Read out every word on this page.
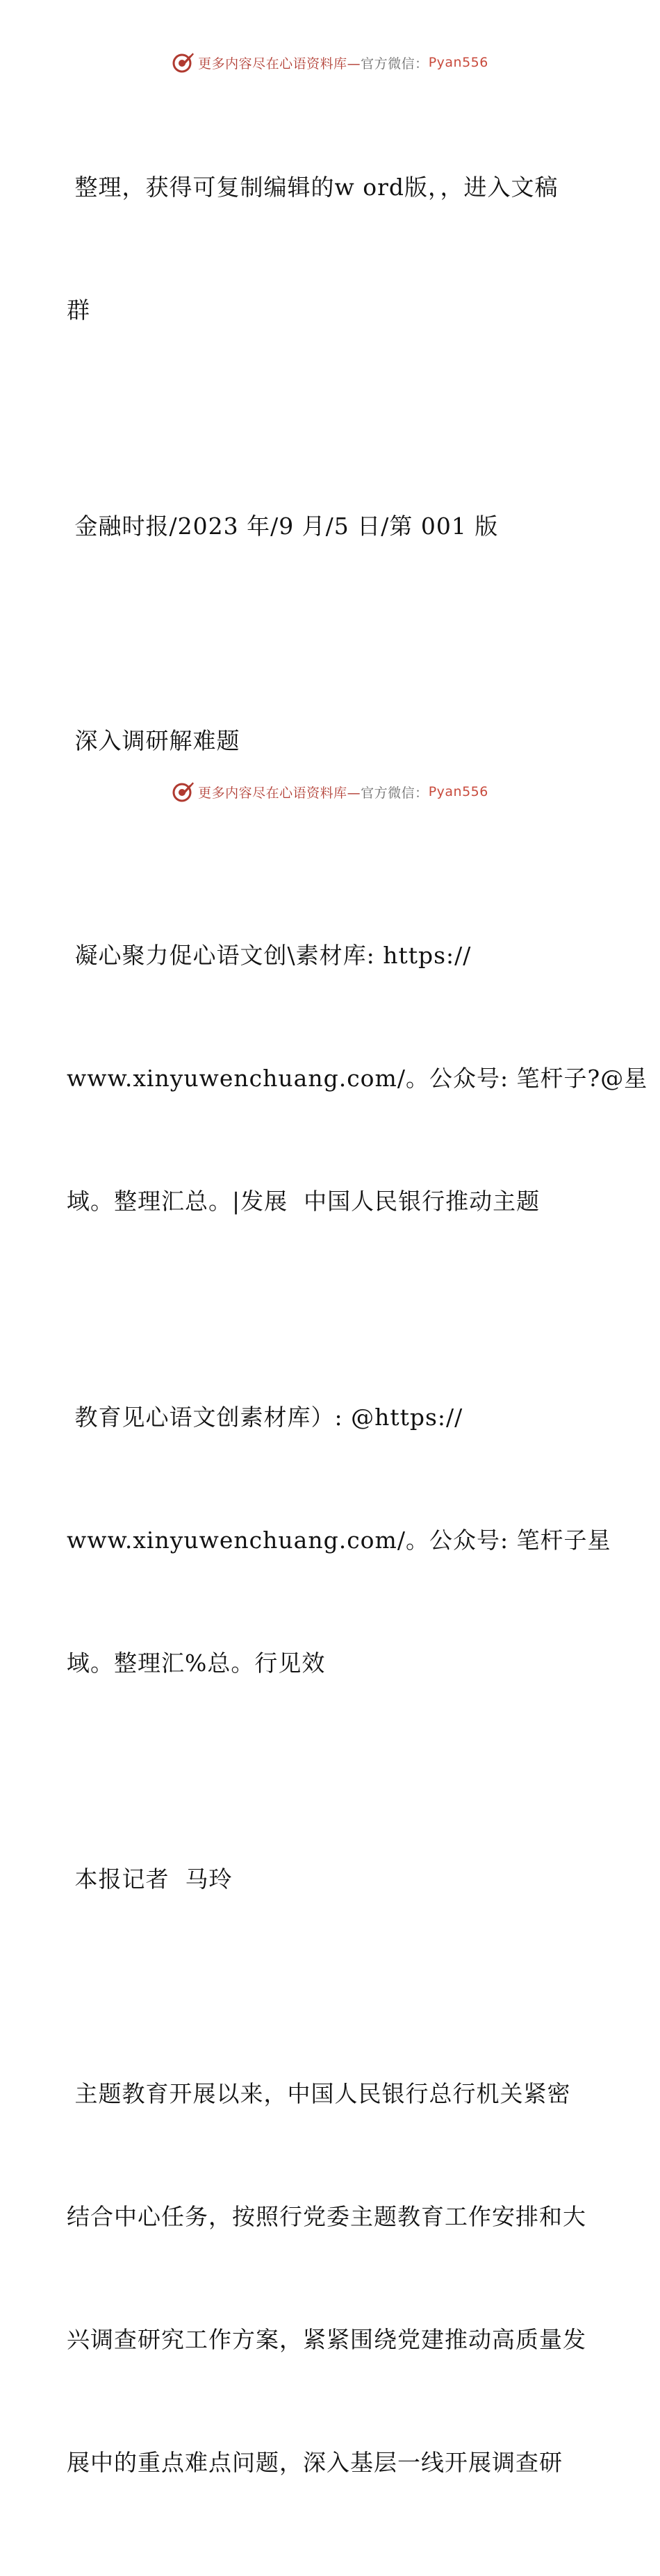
更多内容尽在心语资料库— 官方微信： Pyan556

整理，获得可复制编辑的w ord版，，进入文稿

群

金融时报/2023 年/9 月/5 日/第 001 版

深入调研解难题

凝心聚力促心语文创\素材库: https://

www.xinyuwenchuang.com/。公众号: 笔杆子?@星

域。整理汇总。|发展  中国人民银行推动主题

教育见心语文创素材库）: @https://

www.xinyuwenchuang.com/。公众号: 笔杆子星

域。整理汇%总。行见效

本报记者  马玲

主题教育开展以来，中国人民银行总行机关紧密

结合中心任务，按照行党委主题教育工作安排和大

兴调查研究工作方案，紧紧围绕党建推动高质量发

展中的重点难点问题，深入基层一线开展调查研

更多内容尽在心语资料库— 官方微信： Pyan556
